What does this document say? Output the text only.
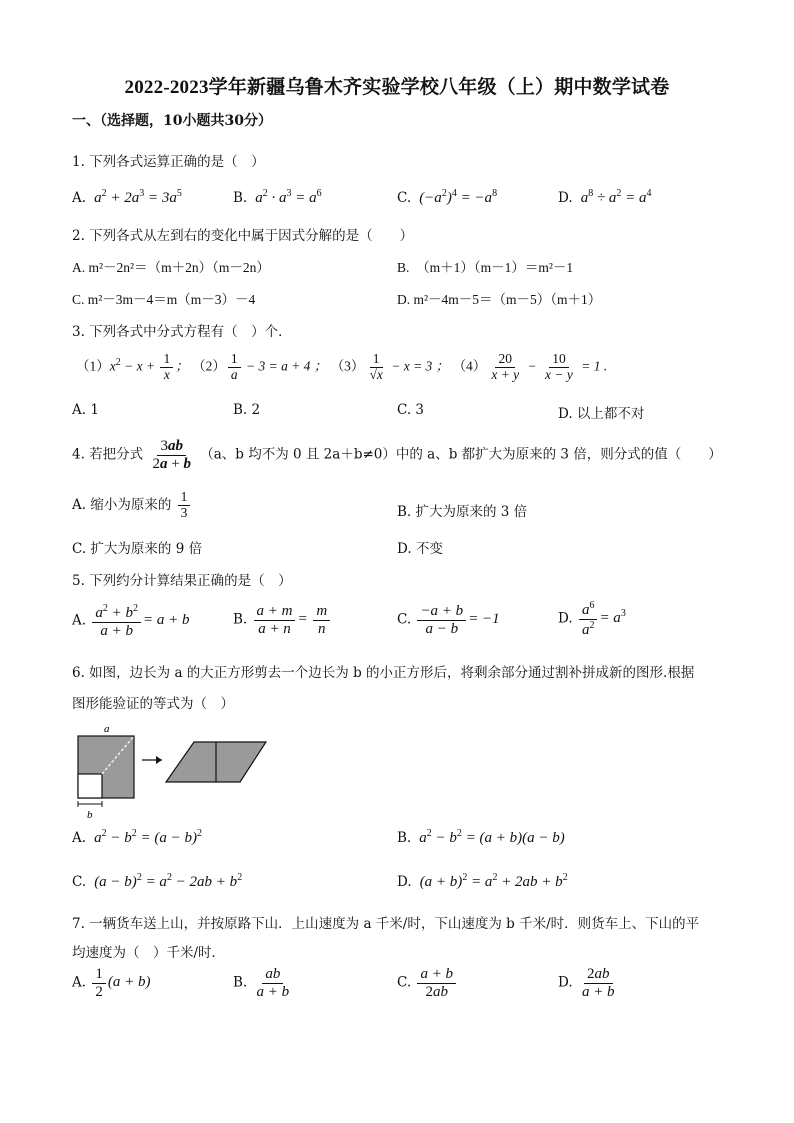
2022-2023学年新疆乌鲁木齐实验学校八年级（上）期中数学试卷
一、（选择题，10小题共30分）
1. 下列各式运算正确的是（　）
A.  $a^2 + 2a^3 = 3a^5$	B.  $a^2 \cdot a^3 = a^6$	C.  $(-a^2)^4 = -a^8$	D.  $a^8 \div a^2 = a^4$
2. 下列各式从左到右的变化中属于因式分解的是（　　）
A. m²－2n²＝（m＋2n）（m－2n）	B.　（m＋1）（m－1）＝m²－1
C. m²－3m－4＝m（m－3）－4	D. m²－4m－5＝（m－5）（m＋1）
3. 下列各式中分式方程有（　）个．
$(1)x^2 - x + \frac{1}{x}$ ； $(2) \frac{1}{a} - 3 = a + 4$ ； $(3) \frac{1}{√x} - x = 3$ ； $(4) \frac{20}{x + y} - \frac{10}{x - y} = 1$ .
A. 1	B. 2	C. 3	D. 以上都不对
4. 若把分式 $\frac{3ab}{2a + b} (a$、b 均不为 0 且 2a＋b≠0）中的 a、b 都扩大为原来的 3 倍，则分式的值（　　）
A. 缩小为原来的 $\frac{1}{3}$	B. 扩大为原来的 3 倍
C. 扩大为原来的 9 倍	D. 不变
5. 下列约分计算结果正确的是（　）
A. $\frac{a^2 + b^2}{a + b} = a + b$	B. $\frac{a + m}{a + n} = \frac{m}{n}$	C. $\frac{-a + b}{a - b} = -1$	D. $\frac{a^6}{a^2} = a^3$
6. 如图，边长为 a 的大正方形剪去一个边长为 b 的小正方形后，将剩余部分通过割补拼成新的图形.根据
图形能验证的等式为（　）
a
b
A.  $a^2 - b^2 = (a - b)^2$	B.  $a^2 - b^2 = (a + b)(a - b)$
C.  $(a - b)^2 = a^2 - 2ab + b^2$	D.  $(a + b)^2 = a^2 + 2ab + b^2$
7. 一辆货车送上山，并按原路下山．上山速度为 a 千米/时，下山速度为 b 千米/时．则货车上、下山的平
均速度为（　）千米/时．
A. $\frac{1}{2} (a + b)$	B. $\frac{ab}{a + b}$	C. $\frac{a + b}{2ab}$	D. $\frac{2ab}{a + b}$
